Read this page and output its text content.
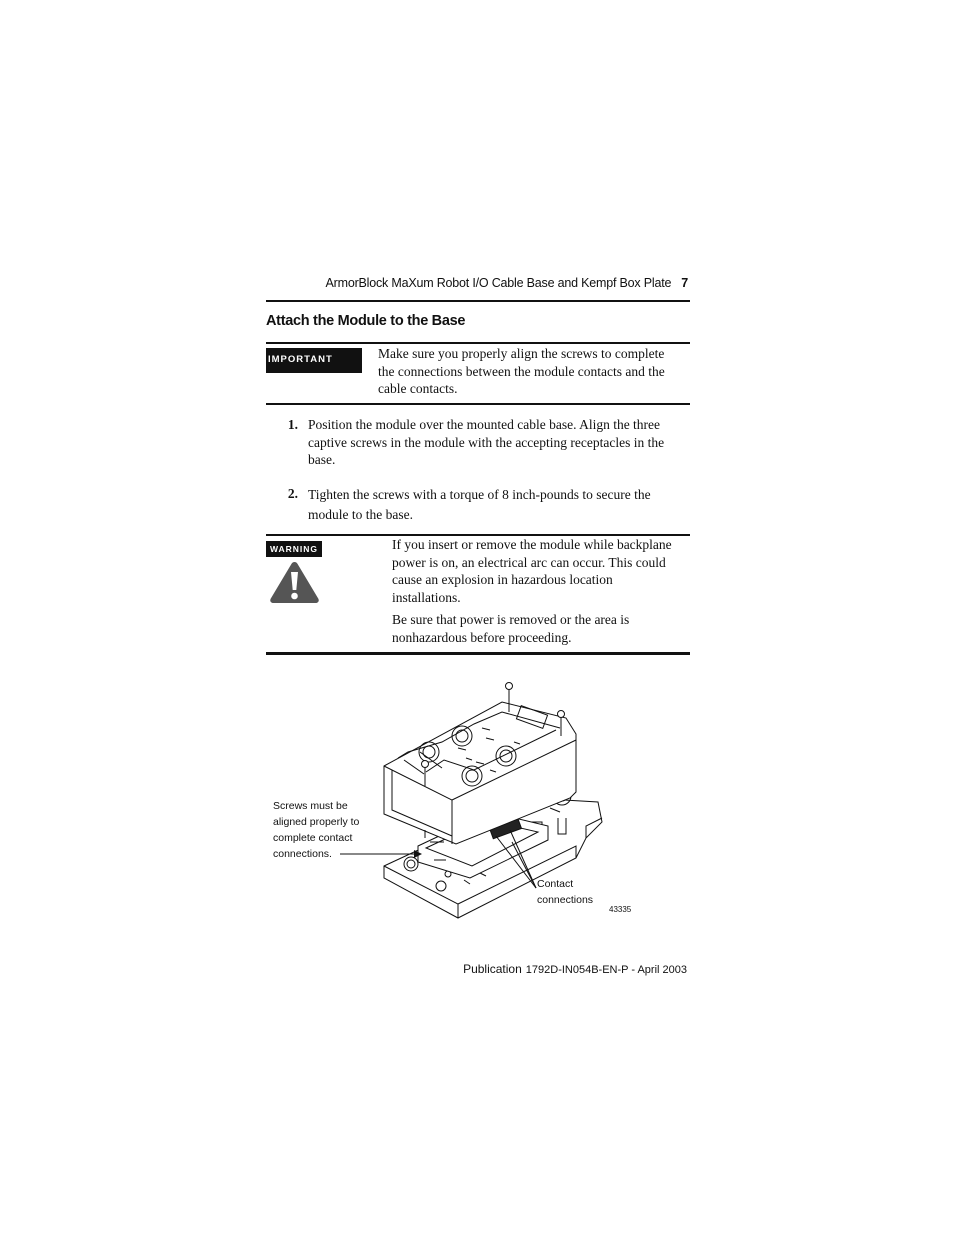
ArmorBlock MaXum Robot I/O Cable Base and Kempf Box Plate 7
Attach the Module to the Base
IMPORTANT	Make sure you properly align the screws to complete the connections between the module contacts and the cable contacts.
1. Position the module over the mounted cable base. Align the three captive screws in the module with the accepting receptacles in the base.
2. Tighten the screws with a torque of 8 inch-pounds to secure the module to the base.
WARNING	If you insert or remove the module while backplane power is on, an electrical arc can occur. This could cause an explosion in hazardous location installations.

Be sure that power is removed or the area is nonhazardous before proceeding.

Screws must be aligned properly to complete contact connections.
Contact connections
43335
Publication 1792D-IN054B-EN-P - April 2003
